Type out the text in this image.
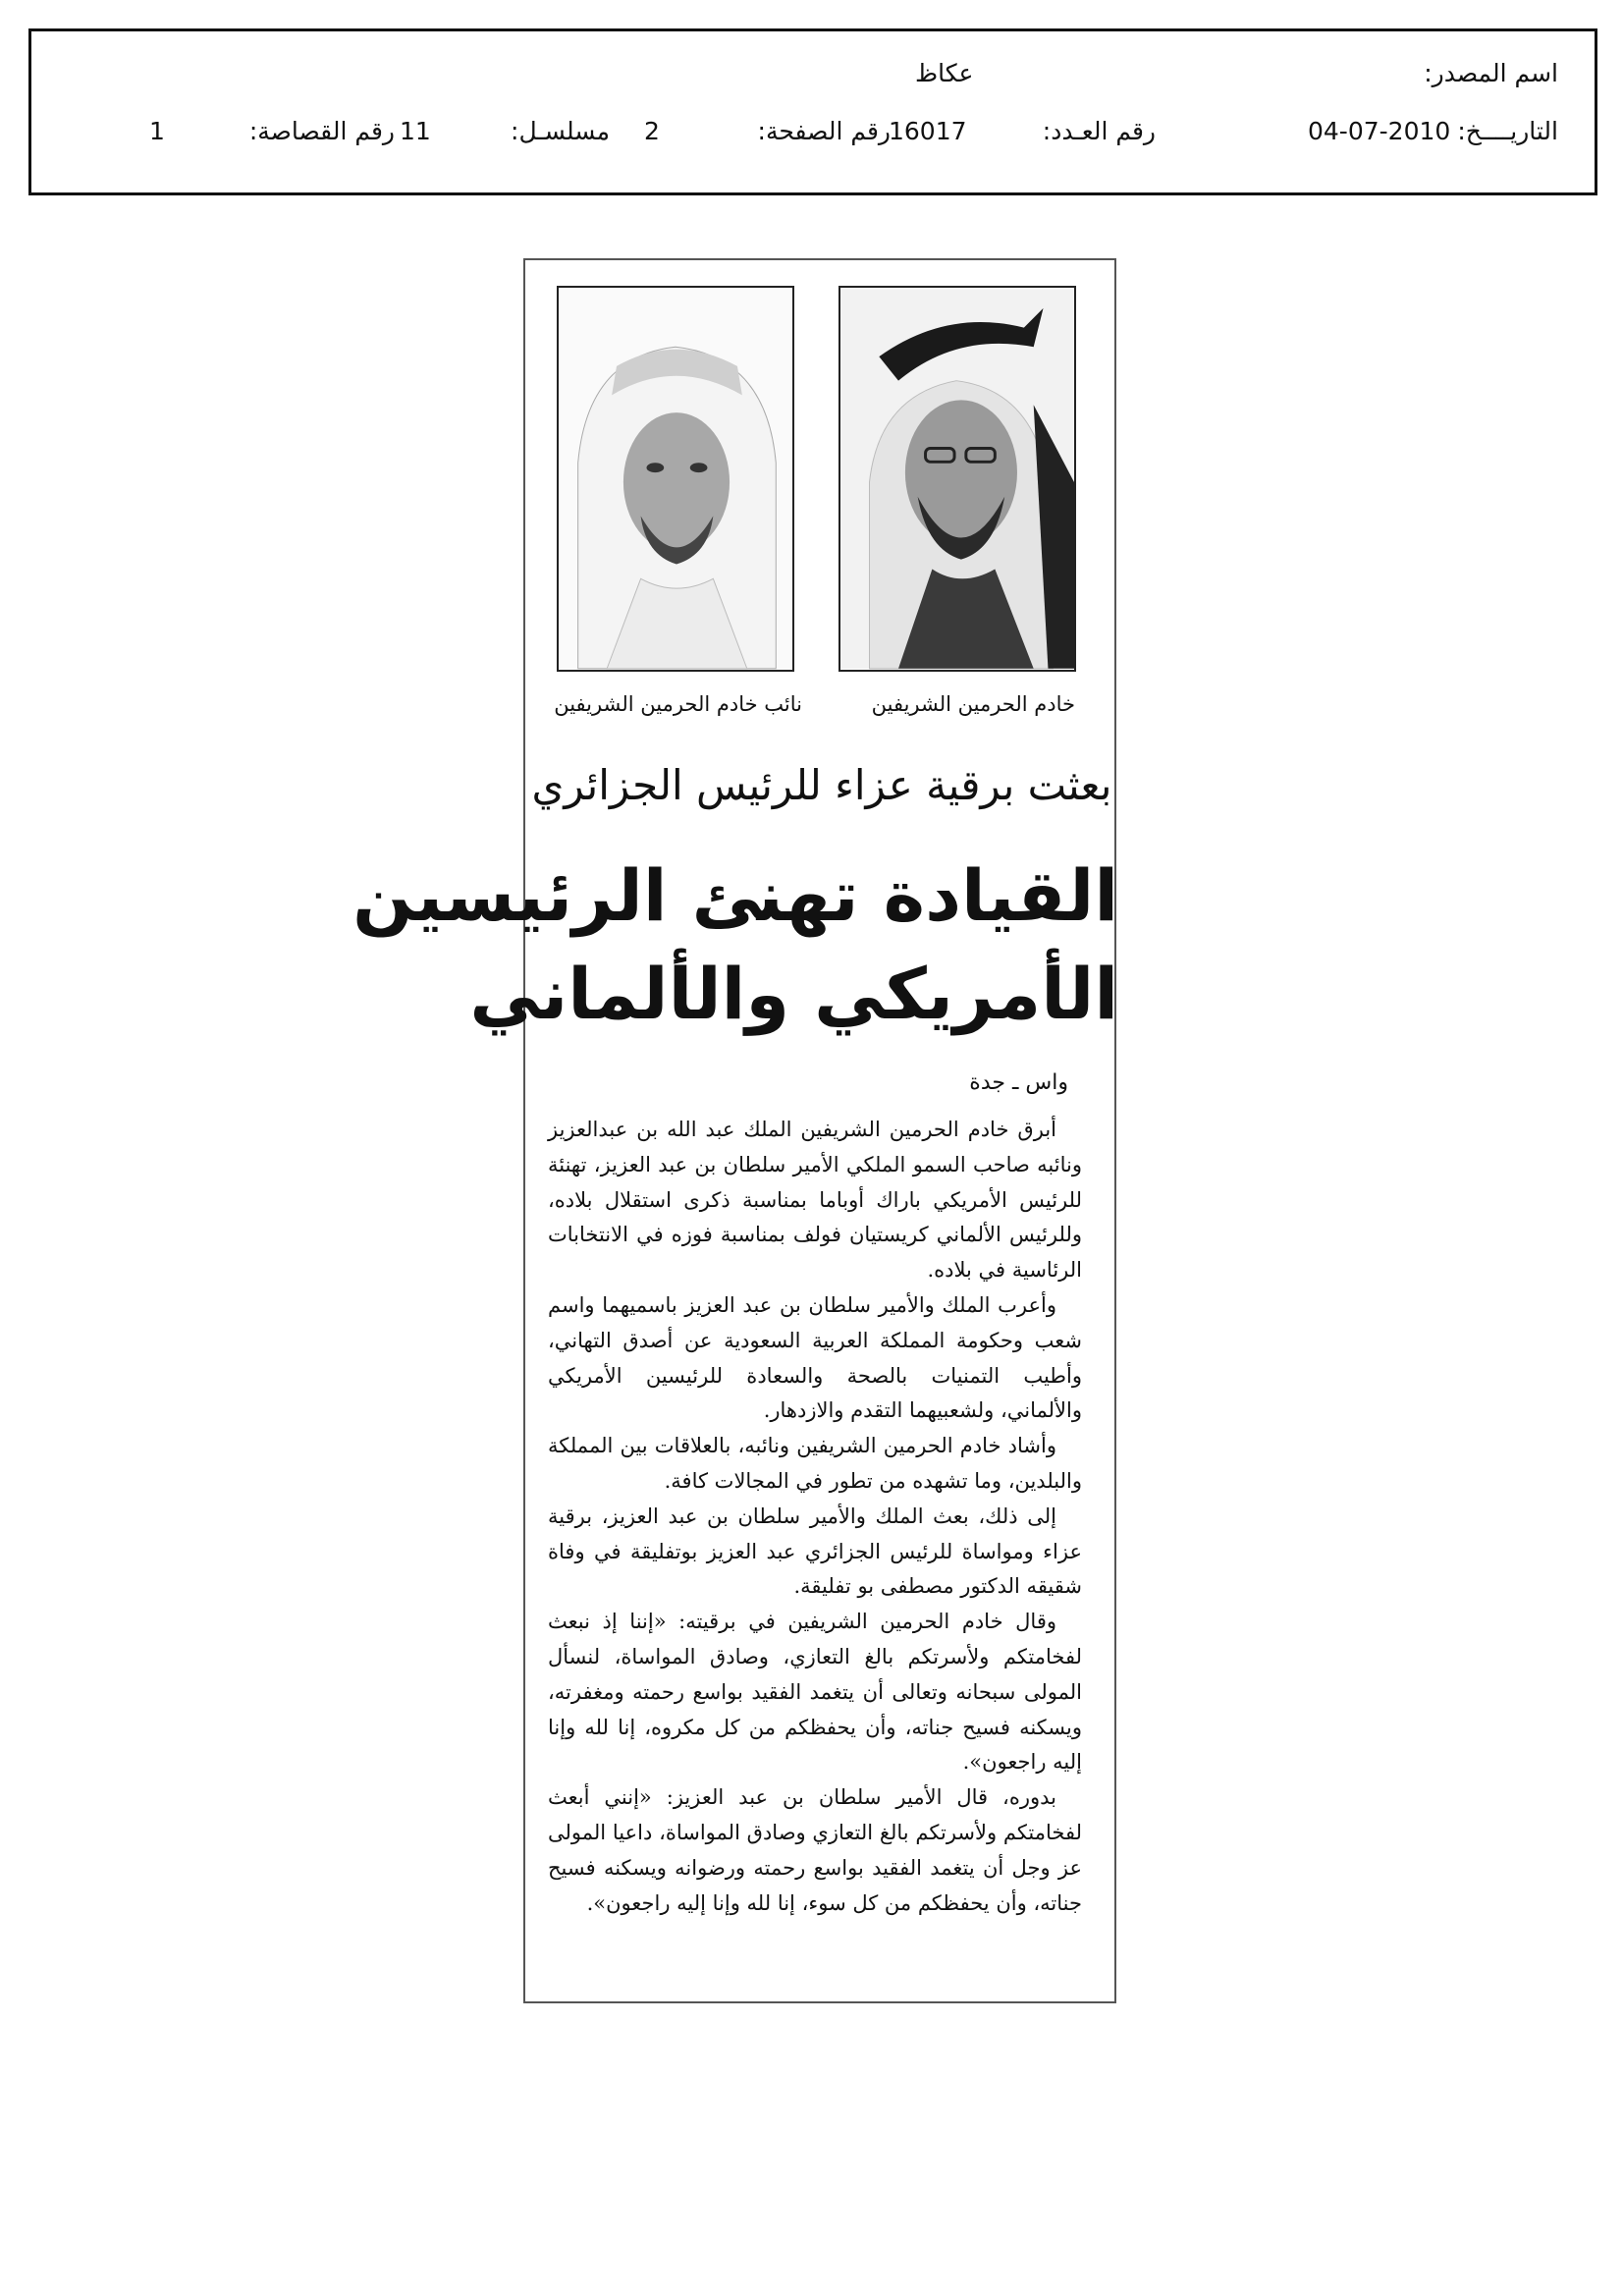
اسم المصدر:
عكاظ
التاريــــخ:
04-07-2010
رقم العـدد:
16017
رقم الصفحة:
2
مسلسـل:
11
رقم القصاصة:
1
خادم الحرمين الشريفين
نائب خادم الحرمين الشريفين
بعثت برقية عزاء للرئيس الجزائري
القيادة تهنئ الرئيسين
الأمريكي والألماني
واس ـ جدة

أبرق خادم الحرمين الشريفين الملك عبد الله بن عبدالعزيز ونائبه صاحب السمو الملكي الأمير سلطان بن عبد العزيز، تهنئة للرئيس الأمريكي باراك أوباما بمناسبة ذكرى استقلال بلاده، وللرئيس الألماني كريستيان فولف بمناسبة فوزه في الانتخابات الرئاسية في بلاده.

وأعرب الملك والأمير سلطان بن عبد العزيز باسميهما واسم شعب وحكومة المملكة العربية السعودية عن أصدق التهاني، وأطيب التمنيات بالصحة والسعادة للرئيسين الأمريكي والألماني، ولشعبيهما التقدم والازدهار.

وأشاد خادم الحرمين الشريفين ونائبه، بالعلاقات بين المملكة والبلدين، وما تشهده من تطور في المجالات كافة.

إلى ذلك، بعث الملك والأمير سلطان بن عبد العزيز، برقية عزاء ومواساة للرئيس الجزائري عبد العزيز بوتفليقة في وفاة شقيقه الدكتور مصطفى بو تفليقة.

وقال خادم الحرمين الشريفين في برقيته: «إننا إذ نبعث لفخامتكم ولأسرتكم بالغ التعازي، وصادق المواساة، لنسأل المولى سبحانه وتعالى أن يتغمد الفقيد بواسع رحمته ومغفرته، ويسكنه فسيح جناته، وأن يحفظكم من كل مكروه، إنا لله وإنا إليه راجعون».

بدوره، قال الأمير سلطان بن عبد العزيز: «إنني أبعث لفخامتكم ولأسرتكم بالغ التعازي وصادق المواساة، داعيا المولى عز وجل أن يتغمد الفقيد بواسع رحمته ورضوانه ويسكنه فسيح جناته، وأن يحفظكم من كل سوء، إنا لله وإنا إليه راجعون».
